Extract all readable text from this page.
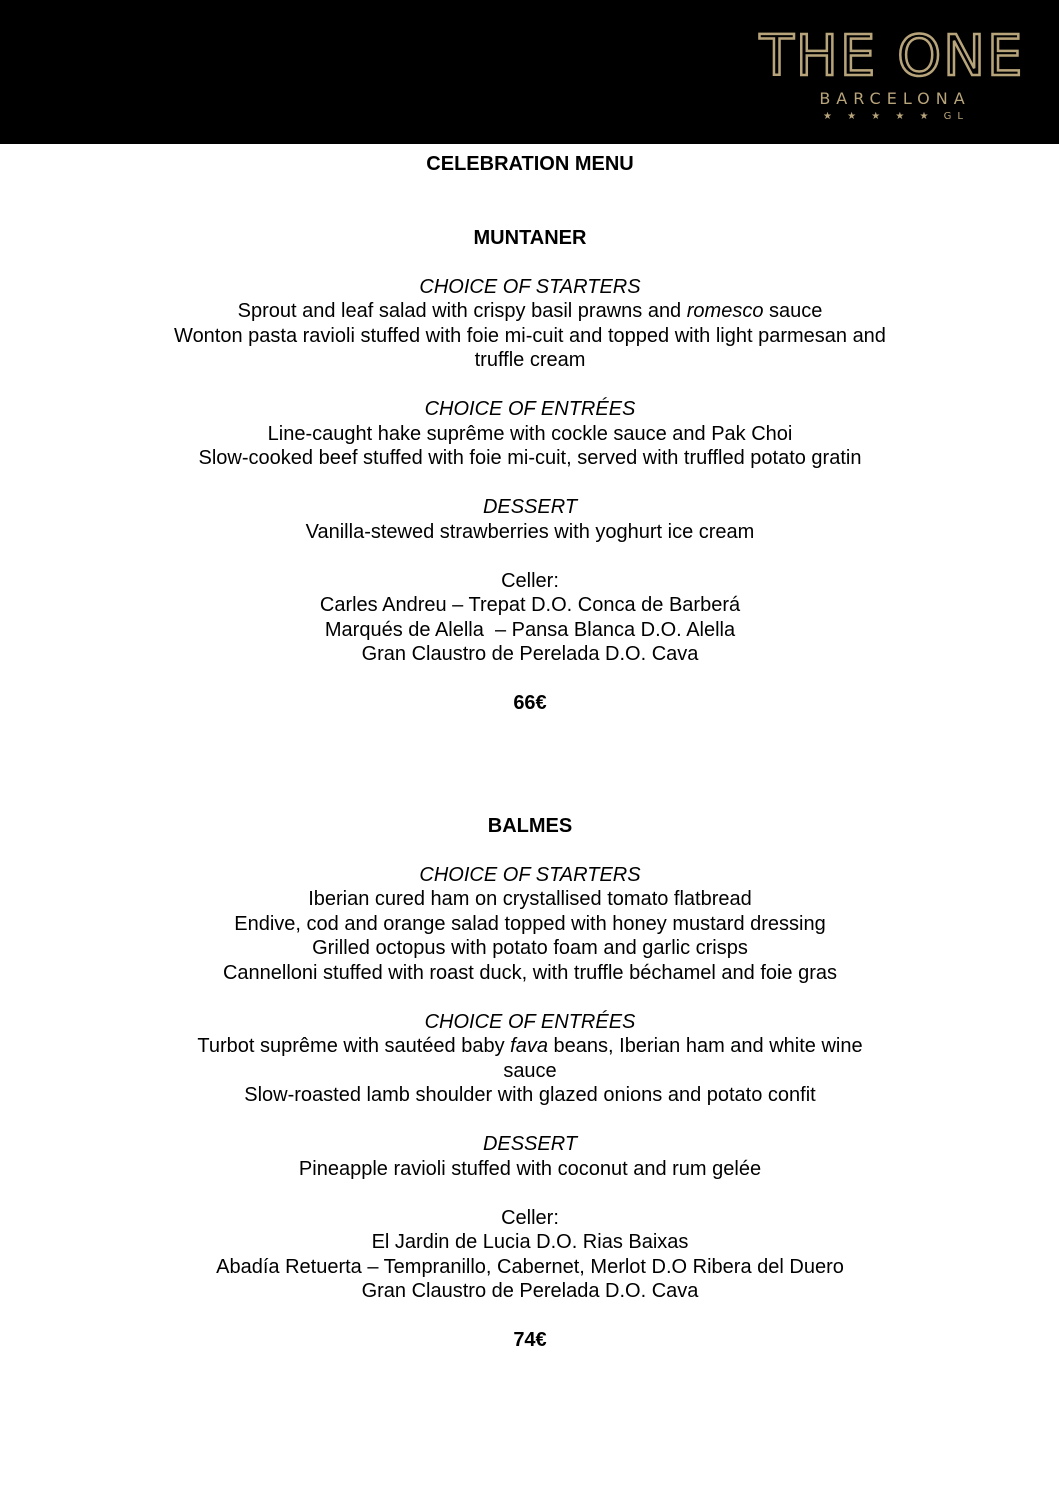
THE ONE
BARCELONA
★ ★ ★ ★ ★ GL

CELEBRATION MENU

MUNTANER

CHOICE OF STARTERS

Sprout and leaf salad with crispy basil prawns and romesco sauce

Wonton pasta ravioli stuffed with foie mi-cuit and topped with light parmesan and truffle cream

CHOICE OF ENTRÉES

Line-caught hake suprême with cockle sauce and Pak Choi

Slow-cooked beef stuffed with foie mi-cuit, served with truffled potato gratin

DESSERT

Vanilla-stewed strawberries with yoghurt ice cream

Celler:

Carles Andreu – Trepat D.O. Conca de Barberá

Marqués de Alella  – Pansa Blanca D.O. Alella

Gran Claustro de Perelada D.O. Cava

66€

BALMES

CHOICE OF STARTERS

Iberian cured ham on crystallised tomato flatbread

Endive, cod and orange salad topped with honey mustard dressing

Grilled octopus with potato foam and garlic crisps

Cannelloni stuffed with roast duck, with truffle béchamel and foie gras

CHOICE OF ENTRÉES

Turbot suprême with sautéed baby fava beans, Iberian ham and white wine sauce

Slow-roasted lamb shoulder with glazed onions and potato confit

DESSERT

Pineapple ravioli stuffed with coconut and rum gelée

Celler:

El Jardin de Lucia D.O. Rias Baixas

Abadía Retuerta – Tempranillo, Cabernet, Merlot D.O Ribera del Duero

Gran Claustro de Perelada D.O. Cava

74€
